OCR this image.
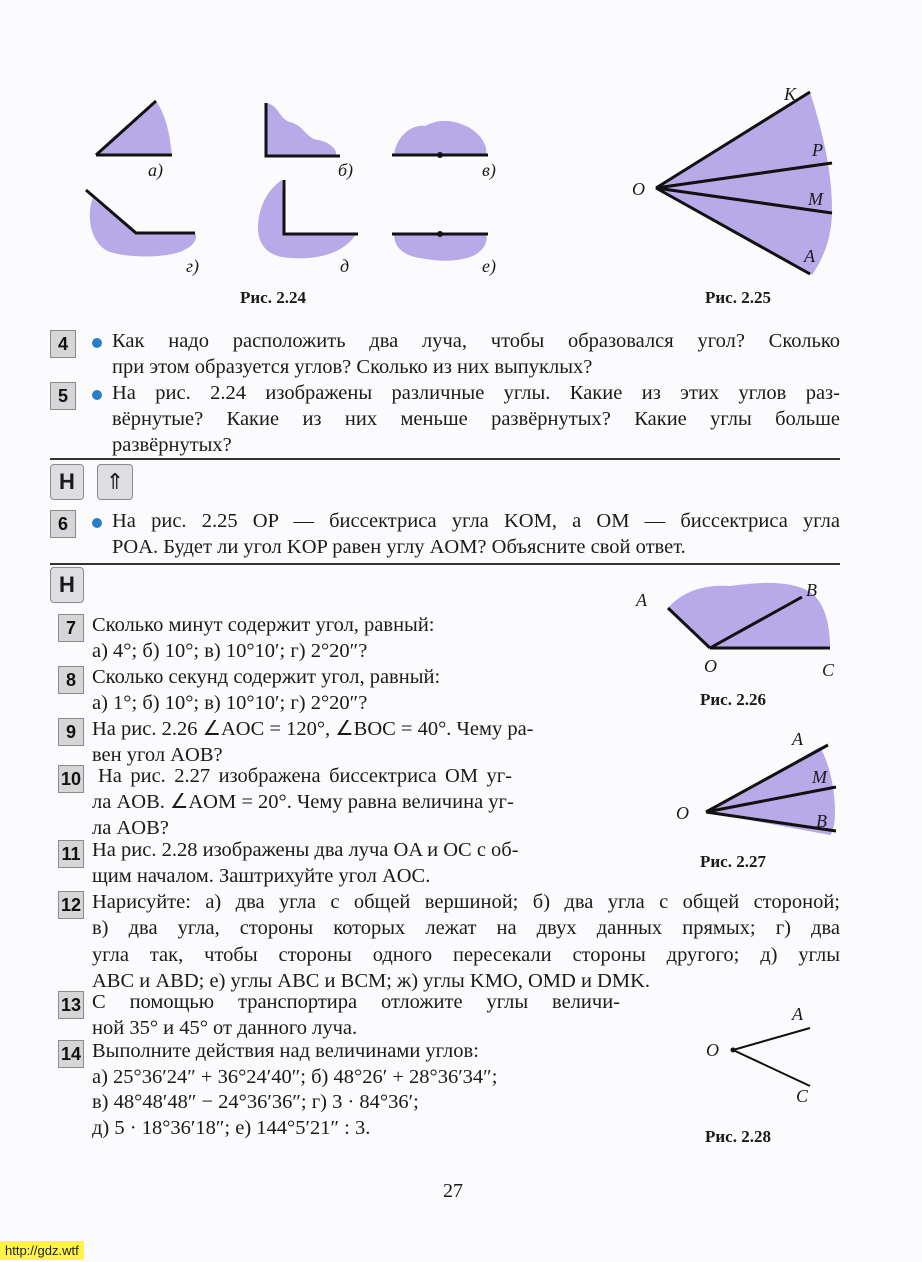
а)	б)	в)
г)	д	е)
Рис. 2.24
K
P
M
A
O
Рис. 2.25
4	Как надо расположить два луча, чтобы образовался угол? Сколько
при этом образуется углов? Сколько из них выпуклых?
5	На рис. 2.24 изображены различные углы. Какие из этих углов раз-
вёрнутые? Какие из них меньше развёрнутых? Какие углы больше
развёрнутых?
Н	⇑
6	На рис. 2.25 OP — биссектриса угла KOM, а OM — биссектриса угла
POA. Будет ли угол KOP равен углу AOM? Объясните свой ответ.
Н
7 Сколько минут содержит угол, равный:
а) 4°; б) 10°; в) 10°10′; г) 2°20″?
8 Сколько секунд содержит угол, равный:
а) 1°; б) 10°; в) 10°10′; г) 2°20″?
9 На рис. 2.26 ∠AOC = 120°, ∠BOC = 40°. Чему ра-
вен угол AOB?
10 На рис. 2.27 изображена биссектриса OM уг-
ла AOB. ∠AOM = 20°. Чему равна величина уг-
ла AOB?
11 На рис. 2.28 изображены два луча OA и OC с об-
щим началом. Заштрихуйте угол AOC.
12 Нарисуйте: а) два угла с общей вершиной; б) два угла с общей стороной;
в) два угла, стороны которых лежат на двух данных прямых; г) два
угла так, чтобы стороны одного пересекали стороны другого; д) углы
ABC и ABD; е) углы ABC и BCM; ж) углы KMO, OMD и DMK.
13 С помощью транспортира отложите углы величи-
ной 35° и 45° от данного луча.
14 Выполните действия над величинами углов:
а) 25°36′24″ + 36°24′40″; б) 48°26′ + 28°36′34″;
в) 48°48′48″ − 24°36′36″; г) 3 · 84°36′;
д) 5 · 18°36′18″; е) 144°5′21″ : 3.
A	B
C
O
Рис. 2.26
A
M
B
O
Рис. 2.27
A
C
O
Рис. 2.28
27
http://gdz.wtf
